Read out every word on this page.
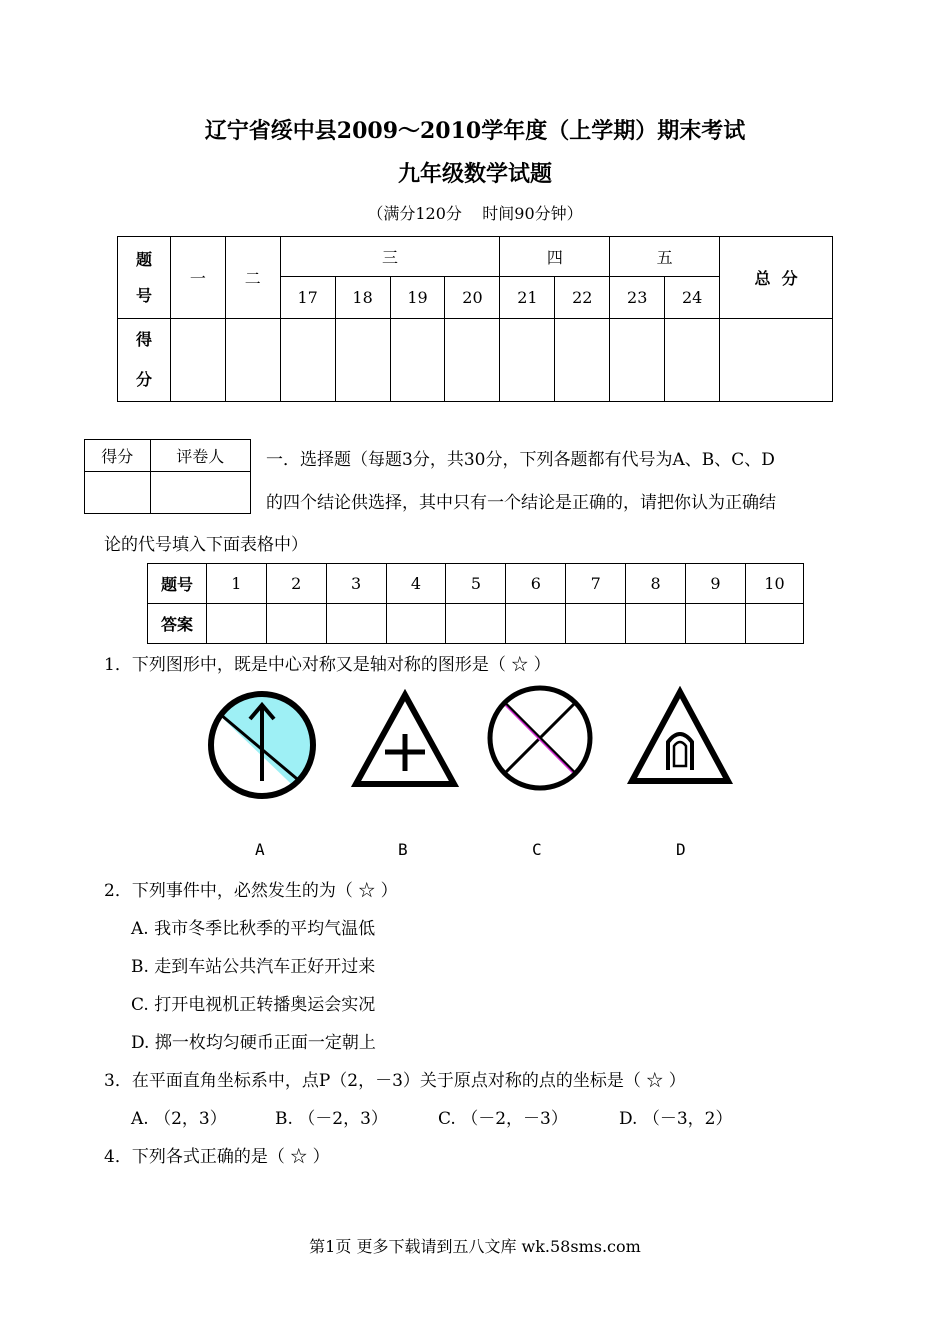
辽宁省绥中县2009～2010学年度（上学期）期末考试
九年级数学试题
（满分120分    时间90分钟）
题
号	一	二	三				四		五		总  分
			17	18	19	20	21	22	23	24	

得
分											

得分	评卷人
	一．选择题（每题3分，共30分，下列各题都有代号为A、B、C、D
的四个结论供选择，其中只有一个结论是正确的，请把你认为正确结
论的代号填入下面表格中）
题号	1	2	3	4	5	6	7	8	9	10
答案										
1．下列图形中，既是中心对称又是轴对称的图形是（ ☆ ）
A	B	C	D
2．下列事件中，必然发生的为（ ☆ ）
A. 我市冬季比秋季的平均气温低
B. 走到车站公共汽车正好开过来
C. 打开电视机正转播奥运会实况
D. 掷一枚均匀硬币正面一定朝上
3．在平面直角坐标系中，点P（2，－3）关于原点对称的点的坐标是（ ☆ ）
A. （2，3）	B. （－2，3）	C. （－2，－3）	D. （－3，2）
4．下列各式正确的是（ ☆ ）
第1页 更多下载请到五八文库 wk.58sms.com
